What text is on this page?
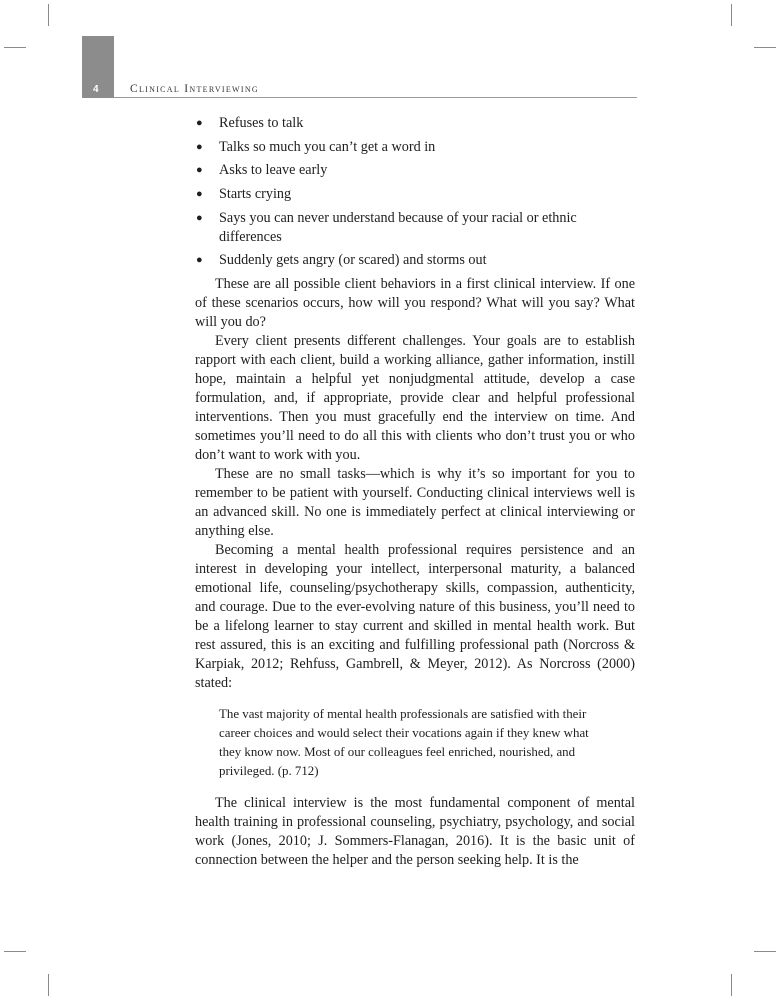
4	Clinical Interviewing
● Refuses to talk
● Talks so much you can’t get a word in
● Asks to leave early
● Starts crying
● Says you can never understand because of your racial or ethnic differences
● Suddenly gets angry (or scared) and storms out

These are all possible client behaviors in a first clinical interview. If one of these scenarios occurs, how will you respond? What will you say? What will you do?

Every client presents different challenges. Your goals are to establish rapport with each client, build a working alliance, gather information, instill hope, maintain a helpful yet nonjudgmental attitude, develop a case formulation, and, if appropriate, provide clear and helpful professional interventions. Then you must gracefully end the interview on time. And sometimes you’ll need to do all this with clients who don’t trust you or who don’t want to work with you.

These are no small tasks—which is why it’s so important for you to remember to be patient with yourself. Conducting clinical interviews well is an advanced skill. No one is immediately perfect at clinical interviewing or anything else.

Becoming a mental health professional requires persistence and an interest in developing your intellect, interpersonal maturity, a balanced emotional life, counseling/psychotherapy skills, compassion, authenticity, and courage. Due to the ever-evolving nature of this business, you’ll need to be a lifelong learner to stay current and skilled in mental health work. But rest assured, this is an exciting and fulfilling professional path (Norcross & Karpiak, 2012; Rehfuss, Gambrell, & Meyer, 2012). As Norcross (2000) stated:

The vast majority of mental health professionals are satisfied with their career choices and would select their vocations again if they knew what they know now. Most of our colleagues feel enriched, nourished, and privileged. (p. 712)

The clinical interview is the most fundamental component of mental health training in professional counseling, psychiatry, psychology, and social work (Jones, 2010; J. Sommers-Flanagan, 2016). It is the basic unit of connection between the helper and the person seeking help. It is the
